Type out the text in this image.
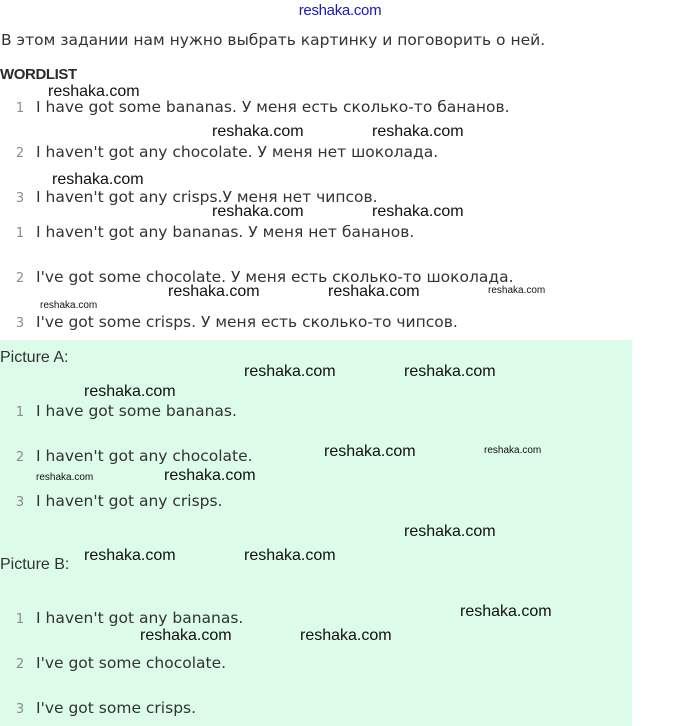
reshaka.com
В этом задании нам нужно выбрать картинку и поговорить о ней.
WORDLIST
1 I have got some bananas. У меня есть сколько-то бананов.
2 I haven't got any chocolate. У меня нет шоколада.
3 I haven't got any crisps.У меня нет чипсов.
1 I haven't got any bananas. У меня нет бананов.
2 I've got some chocolate. У меня есть сколько-то шоколада.
3 I've got some crisps. У меня есть сколько-то чипсов.
Picture A:
1 I have got some bananas.
2 I haven't got any chocolate.
3 I haven't got any crisps.
Picture B:
1 I haven't got any bananas.
2 I've got some chocolate.
3 I've got some crisps.
reshaka.com
reshaka.com	reshaka.com
reshaka.com
reshaka.com	reshaka.com
reshaka.com	reshaka.com	reshaka.com
reshaka.com
reshaka.com	reshaka.com
reshaka.com
reshaka.com	reshaka.com
reshaka.com
reshaka.com
reshaka.com
reshaka.com	reshaka.com
reshaka.com
reshaka.com	reshaka.com
